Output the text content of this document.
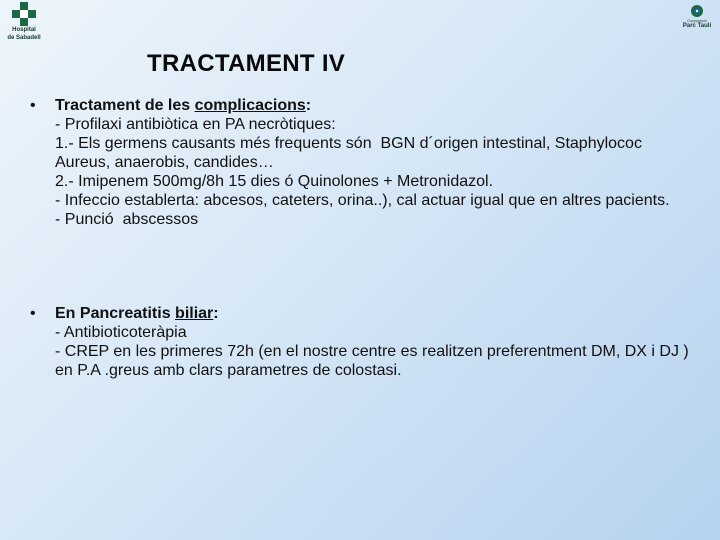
Hospital
de Sabadell
Corporació
Parc Taulí
TRACTAMENT IV
• Tractament de les complicacions:
- Profilaxi antibiòtica en PA necròtiques:
1.- Els germens causants més frequents són  BGN d´origen intestinal, Staphylococ Aureus, anaerobis, candides…
2.- Imipenem 500mg/8h 15 dies ó Quinolones + Metronidazol.
- Infeccio establerta: abcesos, cateters, orina..), cal actuar igual que en altres pacients.
- Punció  abscessos
• En Pancreatitis biliar:
- Antibioticoteràpia
- CREP en les primeres 72h (en el nostre centre es realitzen preferentment DM, DX i DJ ) en P.A .greus amb clars parametres de colostasi.
